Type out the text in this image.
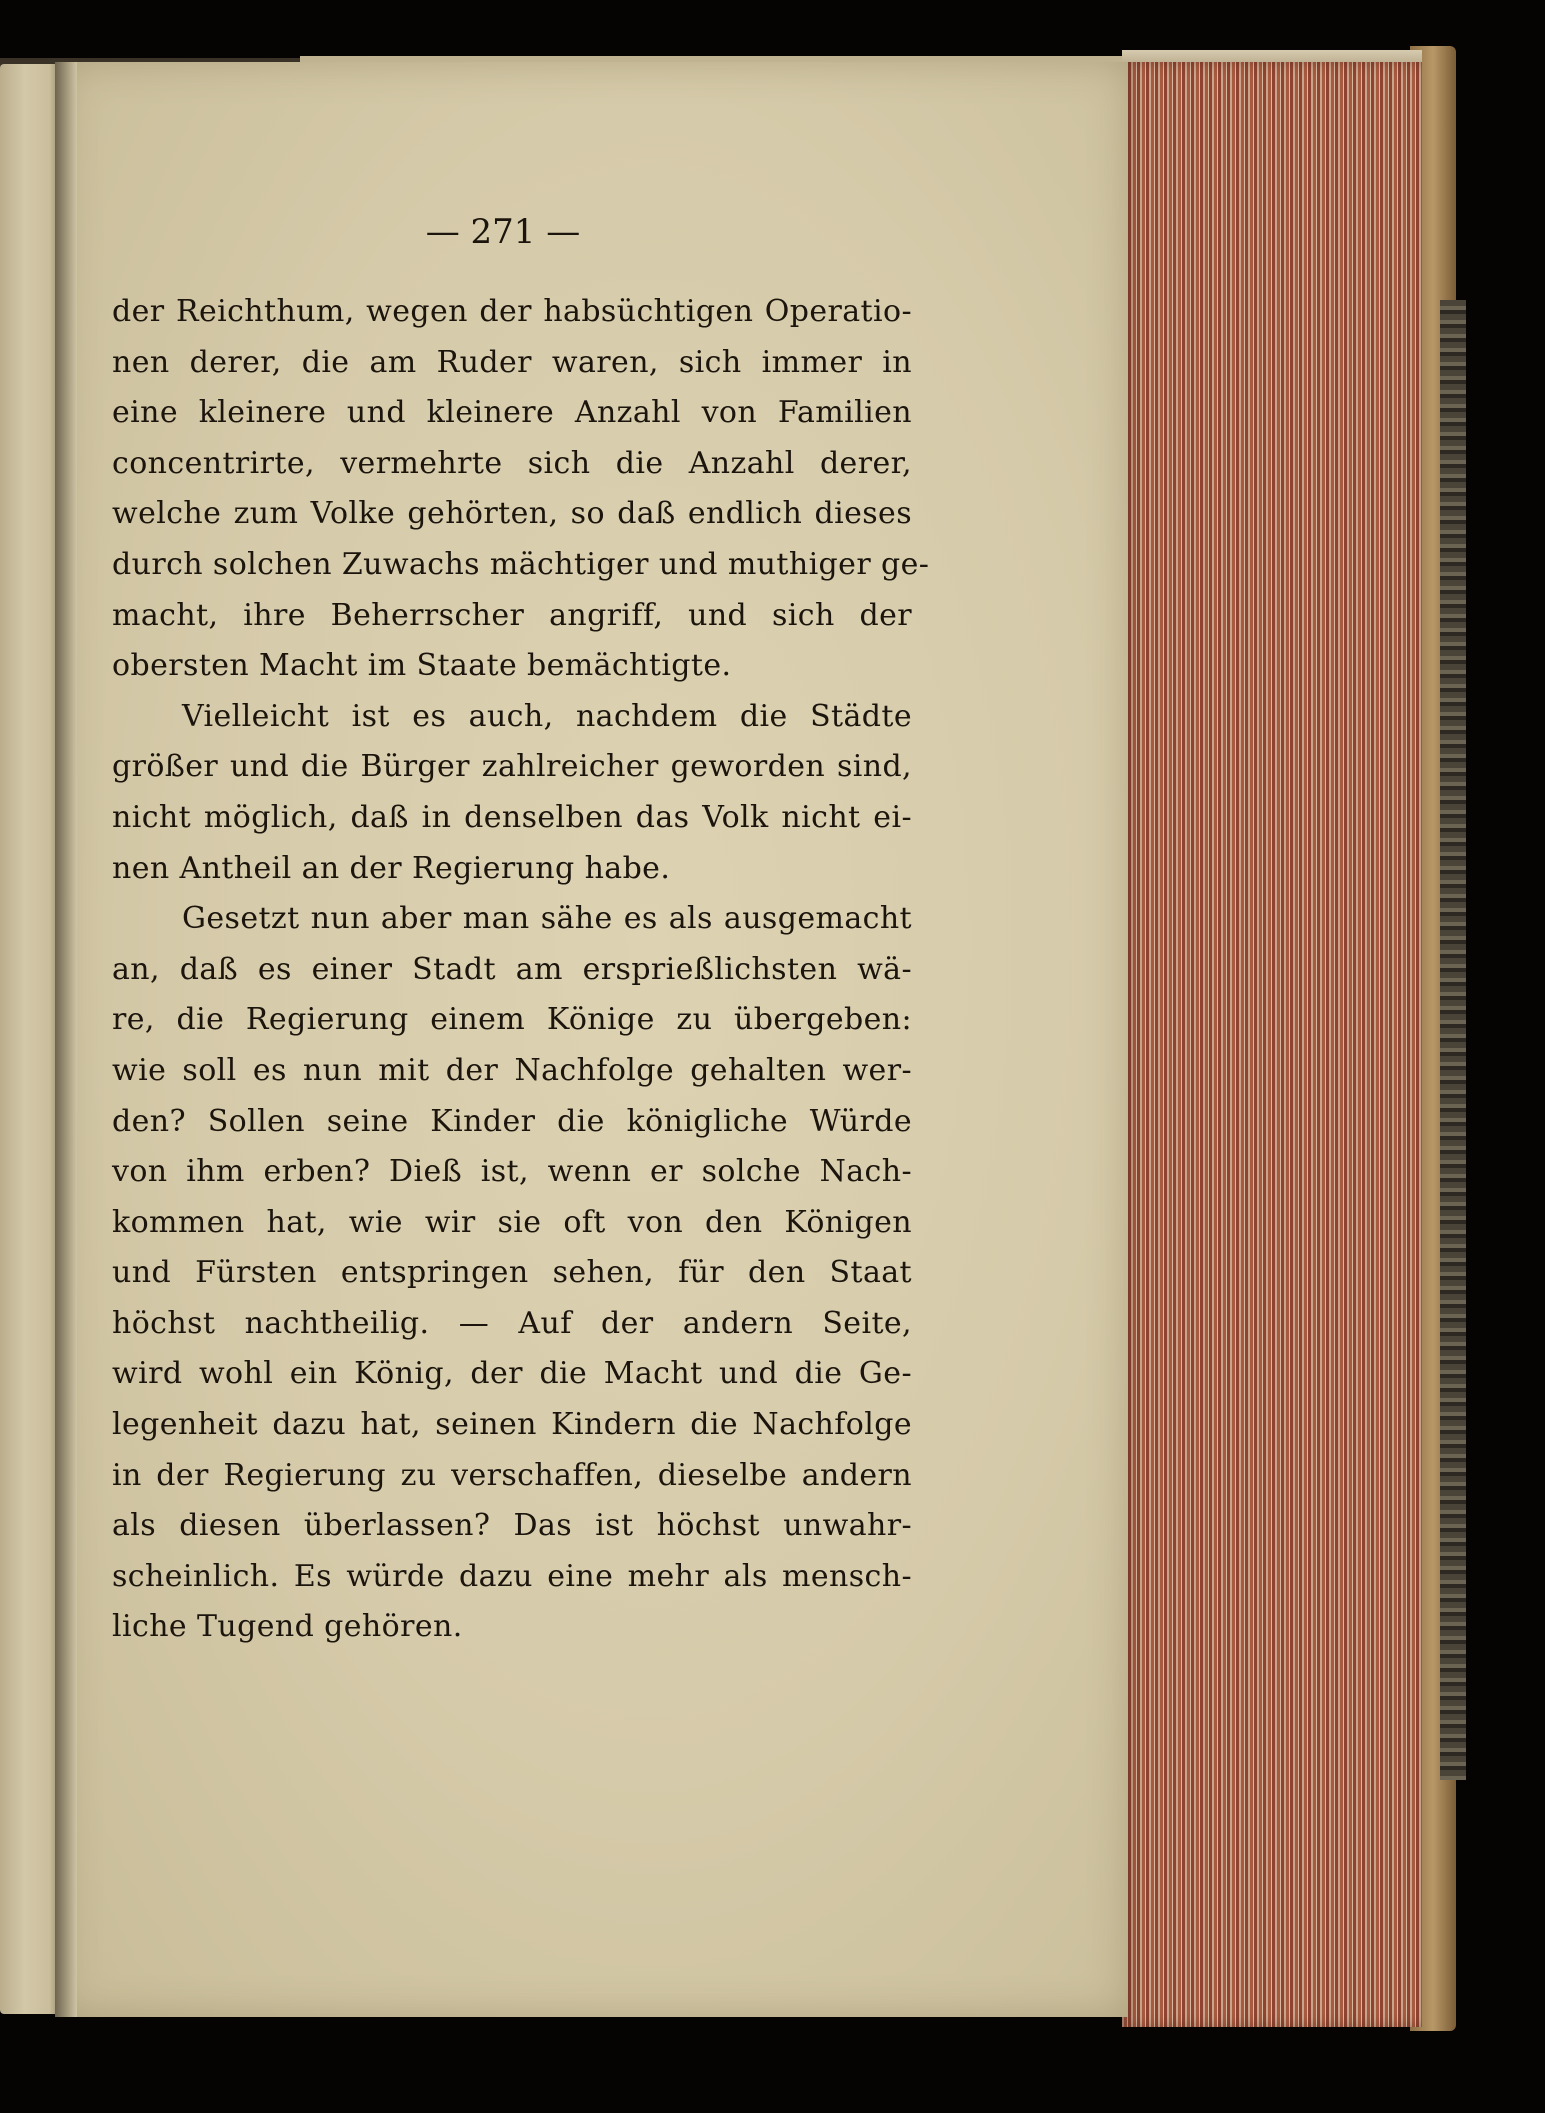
— 271 —
der Reichthum, wegen der habsüchtigen Operatio-
nen derer, die am Ruder waren, sich immer in
eine kleinere und kleinere Anzahl von Familien
concentrirte, vermehrte sich die Anzahl derer,
welche zum Volke gehörten, so daß endlich dieses
durch solchen Zuwachs mächtiger und muthiger ge-
macht, ihre Beherrscher angriff, und sich der
obersten Macht im Staate bemächtigte.
Vielleicht ist es auch, nachdem die Städte
größer und die Bürger zahlreicher geworden sind,
nicht möglich, daß in denselben das Volk nicht ei-
nen Antheil an der Regierung habe.
Gesetzt nun aber man sähe es als ausgemacht
an, daß es einer Stadt am ersprießlichsten wä-
re, die Regierung einem Könige zu übergeben:
wie soll es nun mit der Nachfolge gehalten wer-
den? Sollen seine Kinder die königliche Würde
von ihm erben? Dieß ist, wenn er solche Nach-
kommen hat, wie wir sie oft von den Königen
und Fürsten entspringen sehen, für den Staat
höchst nachtheilig. — Auf der andern Seite,
wird wohl ein König, der die Macht und die Ge-
legenheit dazu hat, seinen Kindern die Nachfolge
in der Regierung zu verschaffen, dieselbe andern
als diesen überlassen? Das ist höchst unwahr-
scheinlich. Es würde dazu eine mehr als mensch-
liche Tugend gehören.
